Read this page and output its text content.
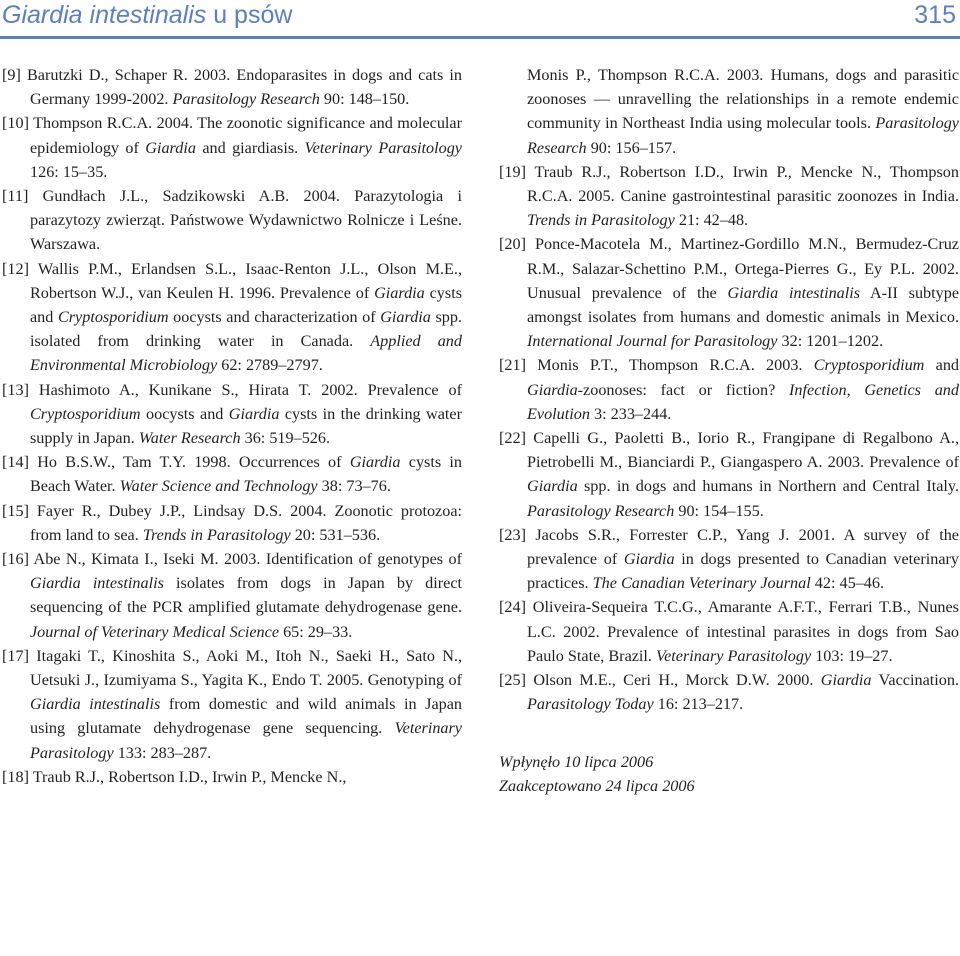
Giardia intestinalis u psów	315

[9] Barutzki D., Schaper R. 2003. Endoparasites in dogs and cats in Germany 1999-2002. Parasitology Research 90: 148–150.

[10] Thompson R.C.A. 2004. The zoonotic significance and molecular epidemiology of Giardia and giardiasis. Veterinary Parasitology 126: 15–35.

[11] Gundłach J.L., Sadzikowski A.B. 2004. Parazytologia i parazytozy zwierząt. Państwowe Wydawnictwo Rolnicze i Leśne. Warszawa.

[12] Wallis P.M., Erlandsen S.L., Isaac-Renton J.L., Olson M.E., Robertson W.J., van Keulen H. 1996. Prevalence of Giardia cysts and Cryptosporidium oocysts and characterization of Giardia spp. isolated from drinking water in Canada. Applied and Environmental Microbiology 62: 2789–2797.

[13] Hashimoto A., Kunikane S., Hirata T. 2002. Prevalence of Cryptosporidium oocysts and Giardia cysts in the drinking water supply in Japan. Water Research 36: 519–526.

[14] Ho B.S.W., Tam T.Y. 1998. Occurrences of Giardia cysts in Beach Water. Water Science and Technology 38: 73–76.

[15] Fayer R., Dubey J.P., Lindsay D.S. 2004. Zoonotic protozoa: from land to sea. Trends in Parasitology 20: 531–536.

[16] Abe N., Kimata I., Iseki M. 2003. Identification of genotypes of Giardia intestinalis isolates from dogs in Japan by direct sequencing of the PCR amplified glutamate dehydrogenase gene. Journal of Veterinary Medical Science 65: 29–33.

[17] Itagaki T., Kinoshita S., Aoki M., Itoh N., Saeki H., Sato N., Uetsuki J., Izumiyama S., Yagita K., Endo T. 2005. Genotyping of Giardia intestinalis from domestic and wild animals in Japan using glutamate dehydrogenase gene sequencing. Veterinary Parasitology 133: 283–287.

[18] Traub R.J., Robertson I.D., Irwin P., Mencke N.,

Monis P., Thompson R.C.A. 2003. Humans, dogs and parasitic zoonoses — unravelling the relationships in a remote endemic community in Northeast India using molecular tools. Parasitology Research 90: 156–157.

[19] Traub R.J., Robertson I.D., Irwin P., Mencke N., Thompson R.C.A. 2005. Canine gastrointestinal parasitic zoonozes in India. Trends in Parasitology 21: 42–48.

[20] Ponce-Macotela M., Martinez-Gordillo M.N., Bermudez-Cruz R.M., Salazar-Schettino P.M., Ortega-Pierres G., Ey P.L. 2002. Unusual prevalence of the Giardia intestinalis A-II subtype amongst isolates from humans and domestic animals in Mexico. International Journal for Parasitology 32: 1201–1202.

[21] Monis P.T., Thompson R.C.A. 2003. Cryptosporidium and Giardia-zoonoses: fact or fiction? Infection, Genetics and Evolution 3: 233–244.

[22] Capelli G., Paoletti B., Iorio R., Frangipane di Regalbono A., Pietrobelli M., Bianciardi P., Giangaspero A. 2003. Prevalence of Giardia spp. in dogs and humans in Northern and Central Italy. Parasitology Research 90: 154–155.

[23] Jacobs S.R., Forrester C.P., Yang J. 2001. A survey of the prevalence of Giardia in dogs presented to Canadian veterinary practices. The Canadian Veterinary Journal 42: 45–46.

[24] Oliveira-Sequeira T.C.G., Amarante A.F.T., Ferrari T.B., Nunes L.C. 2002. Prevalence of intestinal parasites in dogs from Sao Paulo State, Brazil. Veterinary Parasitology 103: 19–27.

[25] Olson M.E., Ceri H., Morck D.W. 2000. Giardia Vaccination. Parasitology Today 16: 213–217.

Wpłynęło 10 lipca 2006
Zaakceptowano 24 lipca 2006
